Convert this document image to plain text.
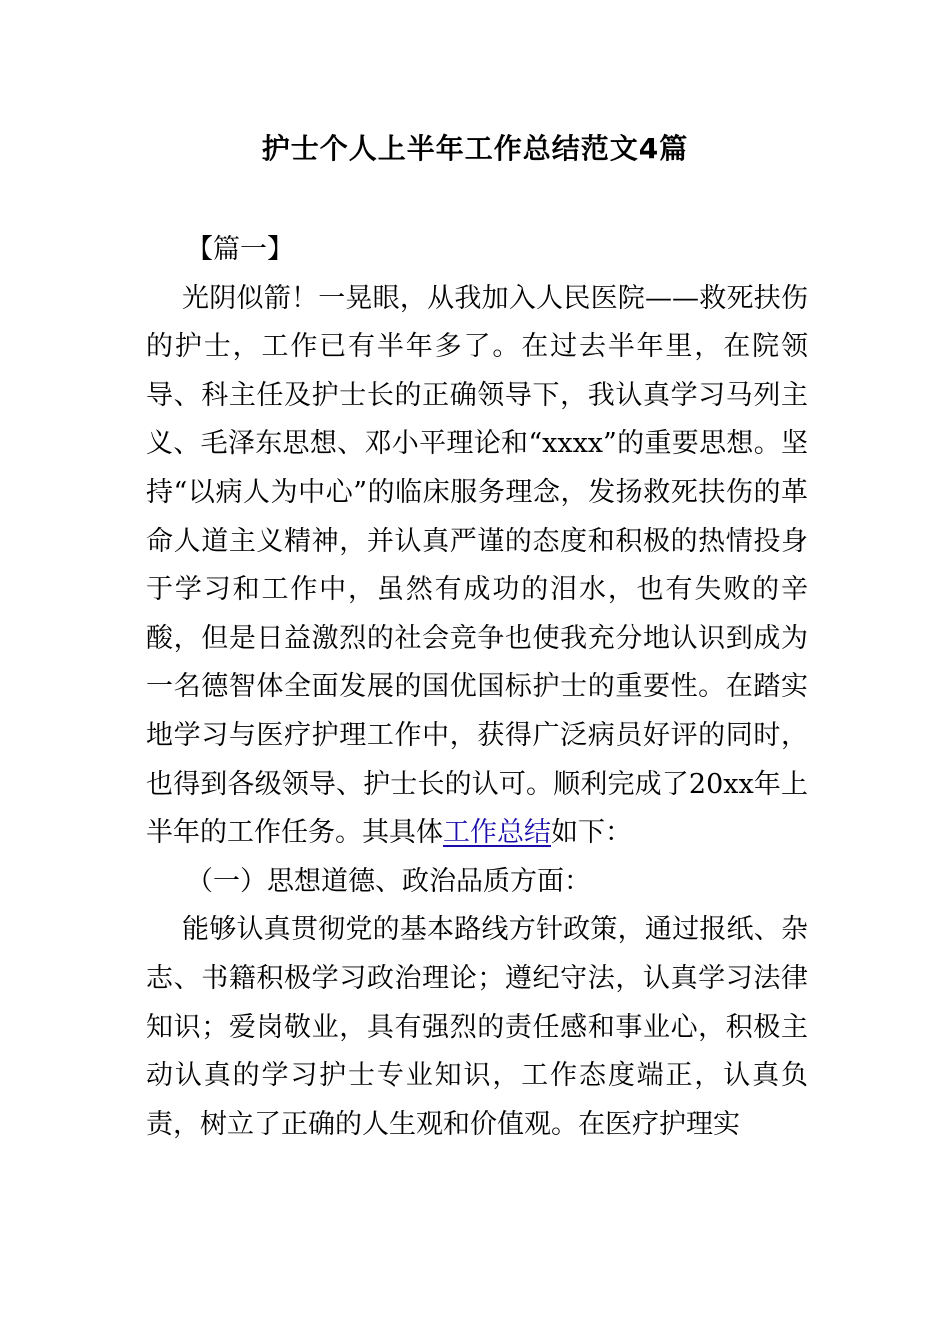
护士个人上半年工作总结范文4篇

【篇一】

光阴似箭！一晃眼，从我加入人民医院——救死扶伤的护士，工作已有半年多了。在过去半年里，在院领导、科主任及护士长的正确领导下，我认真学习马列主义、毛泽东思想、邓小平理论和“xxxx”的重要思想。坚持“以病人为中心”的临床服务理念，发扬救死扶伤的革命人道主义精神，并认真严谨的态度和积极的热情投身于学习和工作中，虽然有成功的泪水，也有失败的辛酸，但是日益激烈的社会竞争也使我充分地认识到成为一名德智体全面发展的国优国标护士的重要性。在踏实地学习与医疗护理工作中，获得广泛病员好评的同时，也得到各级领导、护士长的认可。顺利完成了20xx年上半年的工作任务。其具体工作总结如下：

（一）思想道德、政治品质方面：

能够认真贯彻党的基本路线方针政策，通过报纸、杂志、书籍积极学习政治理论；遵纪守法，认真学习法律知识；爱岗敬业，具有强烈的责任感和事业心，积极主动认真的学习护士专业知识，工作态度端正，认真负责，树立了正确的人生观和价值观。在医疗护理实
